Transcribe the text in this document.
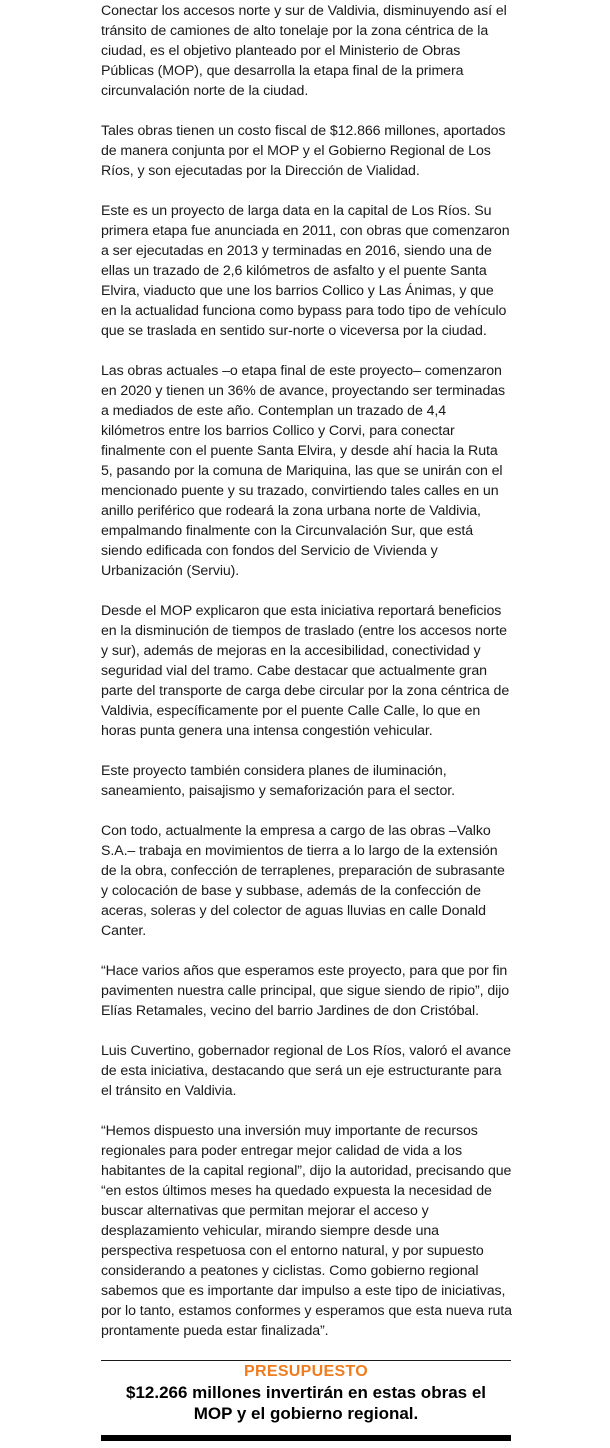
Conectar los accesos norte y sur de Valdivia, disminuyendo así el tránsito de camiones de alto tonelaje por la zona céntrica de la ciudad, es el objetivo planteado por el Ministerio de Obras Públicas (MOP), que desarrolla la etapa final de la primera circunvalación norte de la ciudad.

Tales obras tienen un costo fiscal de $12.866 millones, aportados de manera conjunta por el MOP y el Gobierno Regional de Los Ríos, y son ejecutadas por la Dirección de Vialidad.

Este es un proyecto de larga data en la capital de Los Ríos. Su primera etapa fue anunciada en 2011, con obras que comenzaron a ser ejecutadas en 2013 y terminadas en 2016, siendo una de ellas un trazado de 2,6 kilómetros de asfalto y el puente Santa Elvira, viaducto que une los barrios Collico y Las Ánimas, y que en la actualidad funciona como bypass para todo tipo de vehículo que se traslada en sentido sur-norte o viceversa por la ciudad.

Las obras actuales –o etapa final de este proyecto– comenzaron en 2020 y tienen un 36% de avance, proyectando ser terminadas a mediados de este año. Contemplan un trazado de 4,4 kilómetros entre los barrios Collico y Corvi, para conectar finalmente con el puente Santa Elvira, y desde ahí hacia la Ruta 5, pasando por la comuna de Mariquina, las que se unirán con el mencionado puente y su trazado, convirtiendo tales calles en un anillo periférico que rodeará la zona urbana norte de Valdivia, empalmando finalmente con la Circunvalación Sur, que está siendo edificada con fondos del Servicio de Vivienda y Urbanización (Serviu).

Desde el MOP explicaron que esta iniciativa reportará beneficios en la disminución de tiempos de traslado (entre los accesos norte y sur), además de mejoras en la accesibilidad, conectividad y seguridad vial del tramo. Cabe destacar que actualmente gran parte del transporte de carga debe circular por la zona céntrica de Valdivia, específicamente por el puente Calle Calle, lo que en horas punta genera una intensa congestión vehicular.

Este proyecto también considera planes de iluminación, saneamiento, paisajismo y semaforización para el sector.

Con todo, actualmente la empresa a cargo de las obras –Valko S.A.– trabaja en movimientos de tierra a lo largo de la extensión de la obra, confección de terraplenes, preparación de subrasante y colocación de base y subbase, además de la confección de aceras, soleras y del colector de aguas lluvias en calle Donald Canter.

“Hace varios años que esperamos este proyecto, para que por fin pavimenten nuestra calle principal, que sigue siendo de ripio”, dijo Elías Retamales, vecino del barrio Jardines de don Cristóbal.

Luis Cuvertino, gobernador regional de Los Ríos, valoró el avance de esta iniciativa, destacando que será un eje estructurante para el tránsito en Valdivia.

“Hemos dispuesto una inversión muy importante de recursos regionales para poder entregar mejor calidad de vida a los habitantes de la capital regional”, dijo la autoridad, precisando que “en estos últimos meses ha quedado expuesta la necesidad de buscar alternativas que permitan mejorar el acceso y desplazamiento vehicular, mirando siempre desde una perspectiva respetuosa con el entorno natural, y por supuesto considerando a peatones y ciclistas. Como gobierno regional sabemos que es importante dar impulso a este tipo de iniciativas, por lo tanto, estamos conformes y esperamos que esta nueva ruta prontamente pueda estar finalizada”.

PRESUPUESTO
$12.266 millones invertirán en estas obras el MOP y el gobierno regional.
